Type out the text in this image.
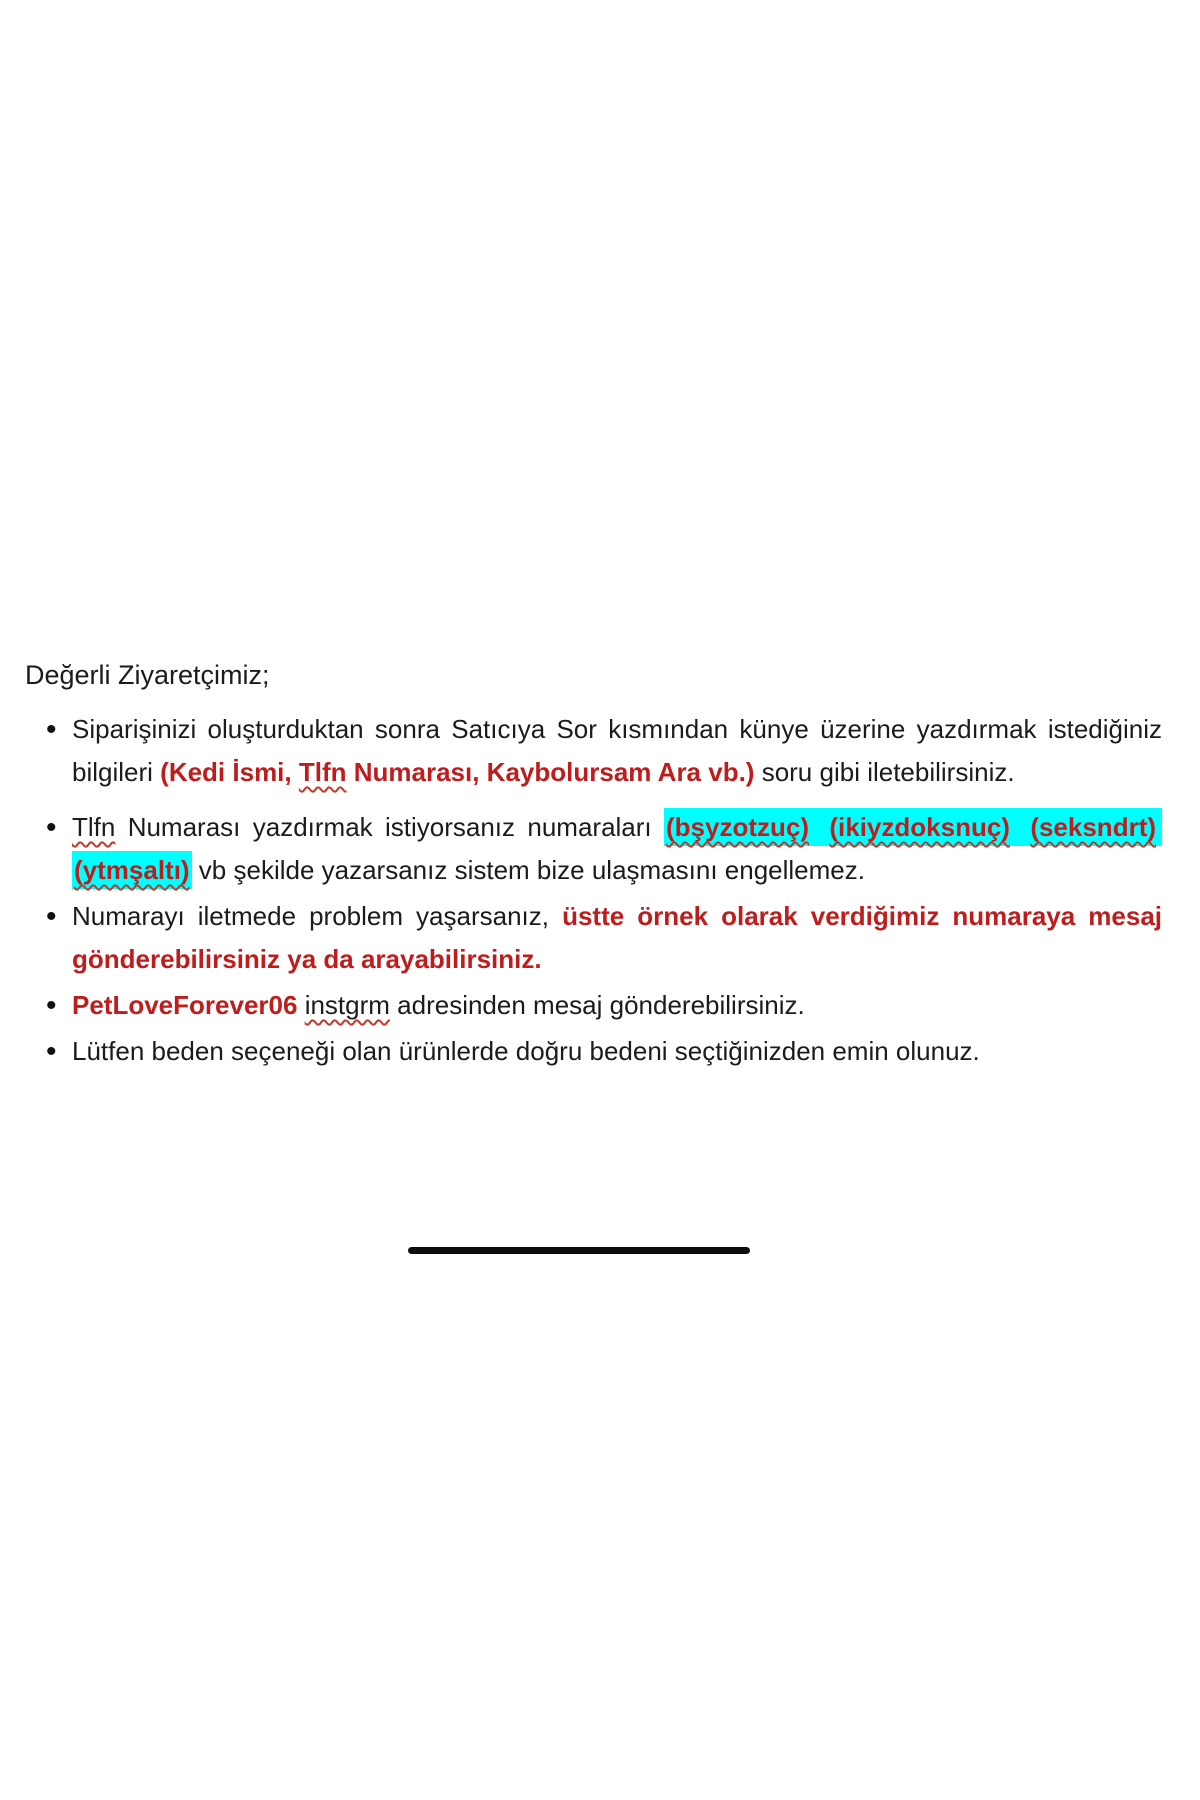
Değerli Ziyaretçimiz;
• Siparişinizi oluşturduktan sonra Satıcıya Sor kısmından künye üzerine yazdırmak istediğiniz bilgileri (Kedi İsmi, Tlfn Numarası, Kaybolursam Ara vb.) soru gibi iletebilirsiniz.
• Tlfn Numarası yazdırmak istiyorsanız numaraları (bşyzotzuç) (ikiyzdoksnuç) (seksndrt) (ytmşaltı) vb şekilde yazarsanız sistem bize ulaşmasını engellemez.
• Numarayı iletmede problem yaşarsanız, üstte örnek olarak verdiğimiz numaraya mesaj gönderebilirsiniz ya da arayabilirsiniz.
• PetLoveForever06 instgrm adresinden mesaj gönderebilirsiniz.
• Lütfen beden seçeneği olan ürünlerde doğru bedeni seçtiğinizden emin olunuz.
